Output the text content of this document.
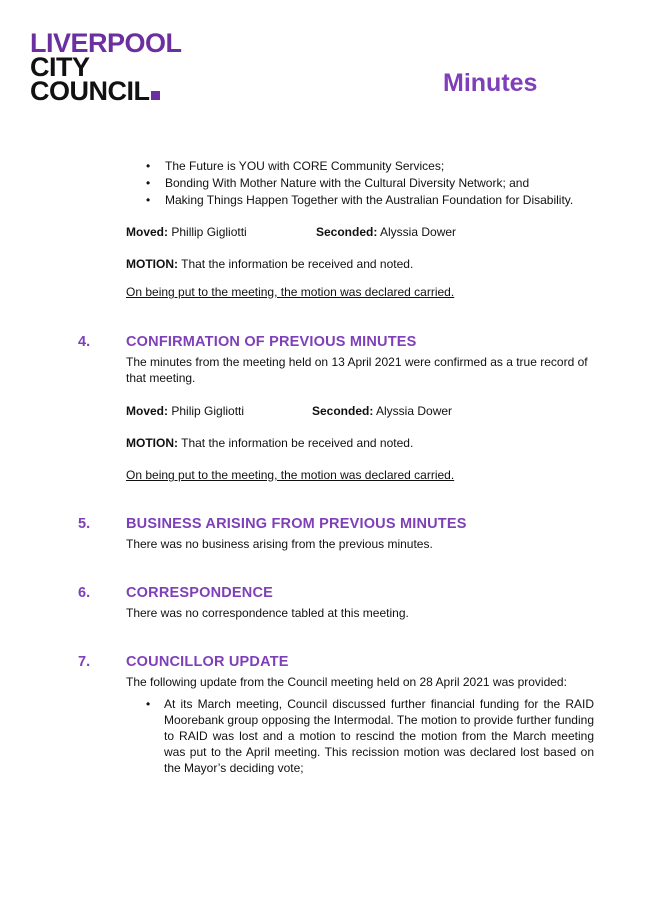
LIVERPOOL
CITY
COUNCIL	Minutes
• The Future is YOU with CORE Community Services;
• Bonding With Mother Nature with the Cultural Diversity Network; and
• Making Things Happen Together with the Australian Foundation for Disability.
Moved: Phillip Gigliotti	Seconded: Alyssia Dower
MOTION: That the information be received and noted.
On being put to the meeting, the motion was declared carried.
4. CONFIRMATION OF PREVIOUS MINUTES
The minutes from the meeting held on 13 April 2021 were confirmed as a true record of that meeting.
Moved: Philip Gigliotti	Seconded: Alyssia Dower
MOTION: That the information be received and noted.
On being put to the meeting, the motion was declared carried.
5. BUSINESS ARISING FROM PREVIOUS MINUTES
There was no business arising from the previous minutes.
6. CORRESPONDENCE
There was no correspondence tabled at this meeting.
7. COUNCILLOR UPDATE
The following update from the Council meeting held on 28 April 2021 was provided:
•	At its March meeting, Council discussed further financial funding for the RAID Moorebank group opposing the Intermodal. The motion to provide further funding to RAID was lost and a motion to rescind the motion from the March meeting was put to the April meeting. This recission motion was declared lost based on the Mayor’s deciding vote;
